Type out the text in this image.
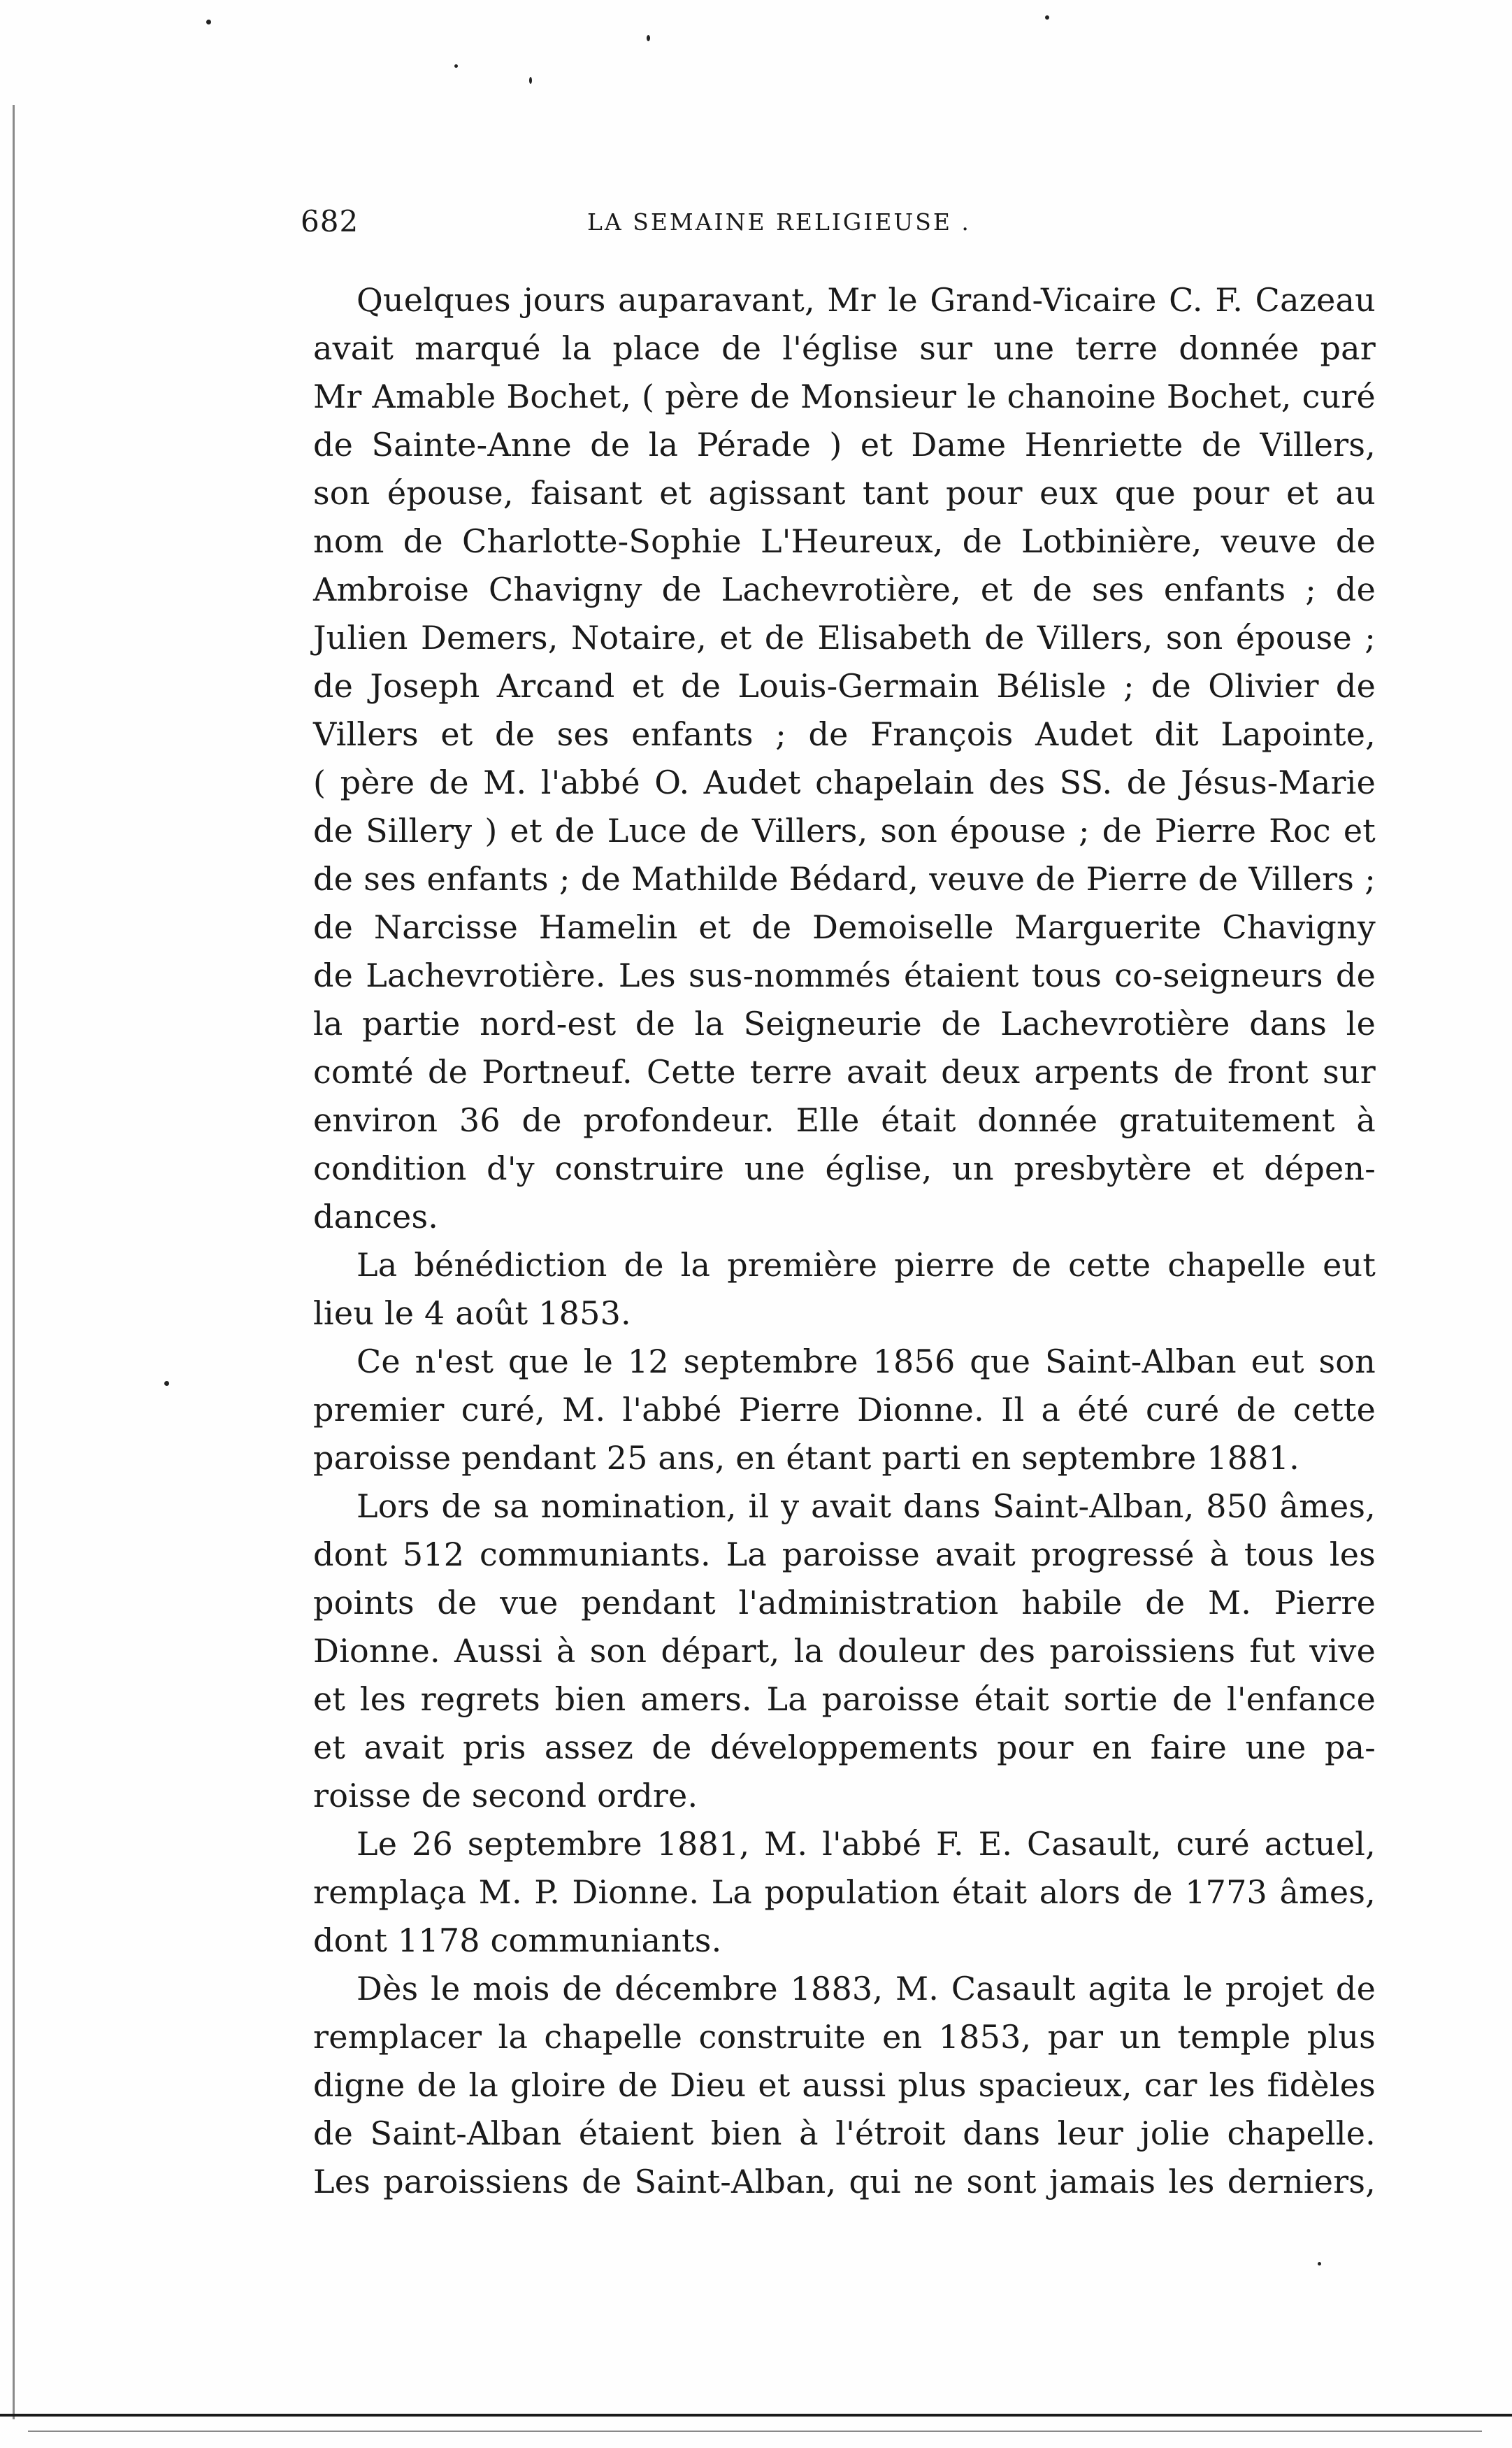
682	LA SEMAINE RELIGIEUSE .
Quelques jours auparavant, Mr le Grand-Vicaire C. F. Cazeau
avait marqué la place de l'église sur une terre donnée par
Mr Amable Bochet, ( père de Monsieur le chanoine Bochet, curé
de Sainte-Anne de la Pérade ) et Dame Henriette de Villers,
son épouse, faisant et agissant tant pour eux que pour et au
nom de Charlotte-Sophie L'Heureux, de Lotbinière, veuve de
Ambroise Chavigny de Lachevrotière, et de ses enfants ; de
Julien Demers, Notaire, et de Elisabeth de Villers, son épouse ;
de Joseph Arcand et de Louis-Germain Bélisle ; de Olivier de
Villers et de ses enfants ; de François Audet dit Lapointe,
( père de M. l'abbé O. Audet chapelain des SS. de Jésus-Marie
de Sillery ) et de Luce de Villers, son épouse ; de Pierre Roc et
de ses enfants ; de Mathilde Bédard, veuve de Pierre de Villers ;
de Narcisse Hamelin et de Demoiselle Marguerite Chavigny
de Lachevrotière. Les sus-nommés étaient tous co-seigneurs de
la partie nord-est de la Seigneurie de Lachevrotière dans le
comté de Portneuf. Cette terre avait deux arpents de front sur
environ 36 de profondeur. Elle était donnée gratuitement à
condition d'y construire une église, un presbytère et dépen-
dances.
La bénédiction de la première pierre de cette chapelle eut
lieu le 4 août 1853.
Ce n'est que le 12 septembre 1856 que Saint-Alban eut son
premier curé, M. l'abbé Pierre Dionne. Il a été curé de cette
paroisse pendant 25 ans, en étant parti en septembre 1881.
Lors de sa nomination, il y avait dans Saint-Alban, 850 âmes,
dont 512 communiants. La paroisse avait progressé à tous les
points de vue pendant l'administration habile de M. Pierre
Dionne. Aussi à son départ, la douleur des paroissiens fut vive
et les regrets bien amers. La paroisse était sortie de l'enfance
et avait pris assez de développements pour en faire une pa-
roisse de second ordre.
Le 26 septembre 1881, M. l'abbé F. E. Casault, curé actuel,
remplaça M. P. Dionne. La population était alors de 1773 âmes,
dont 1178 communiants.
Dès le mois de décembre 1883, M. Casault agita le projet de
remplacer la chapelle construite en 1853, par un temple plus
digne de la gloire de Dieu et aussi plus spacieux, car les fidèles
de Saint-Alban étaient bien à l'étroit dans leur jolie chapelle.
Les paroissiens de Saint-Alban, qui ne sont jamais les derniers,
